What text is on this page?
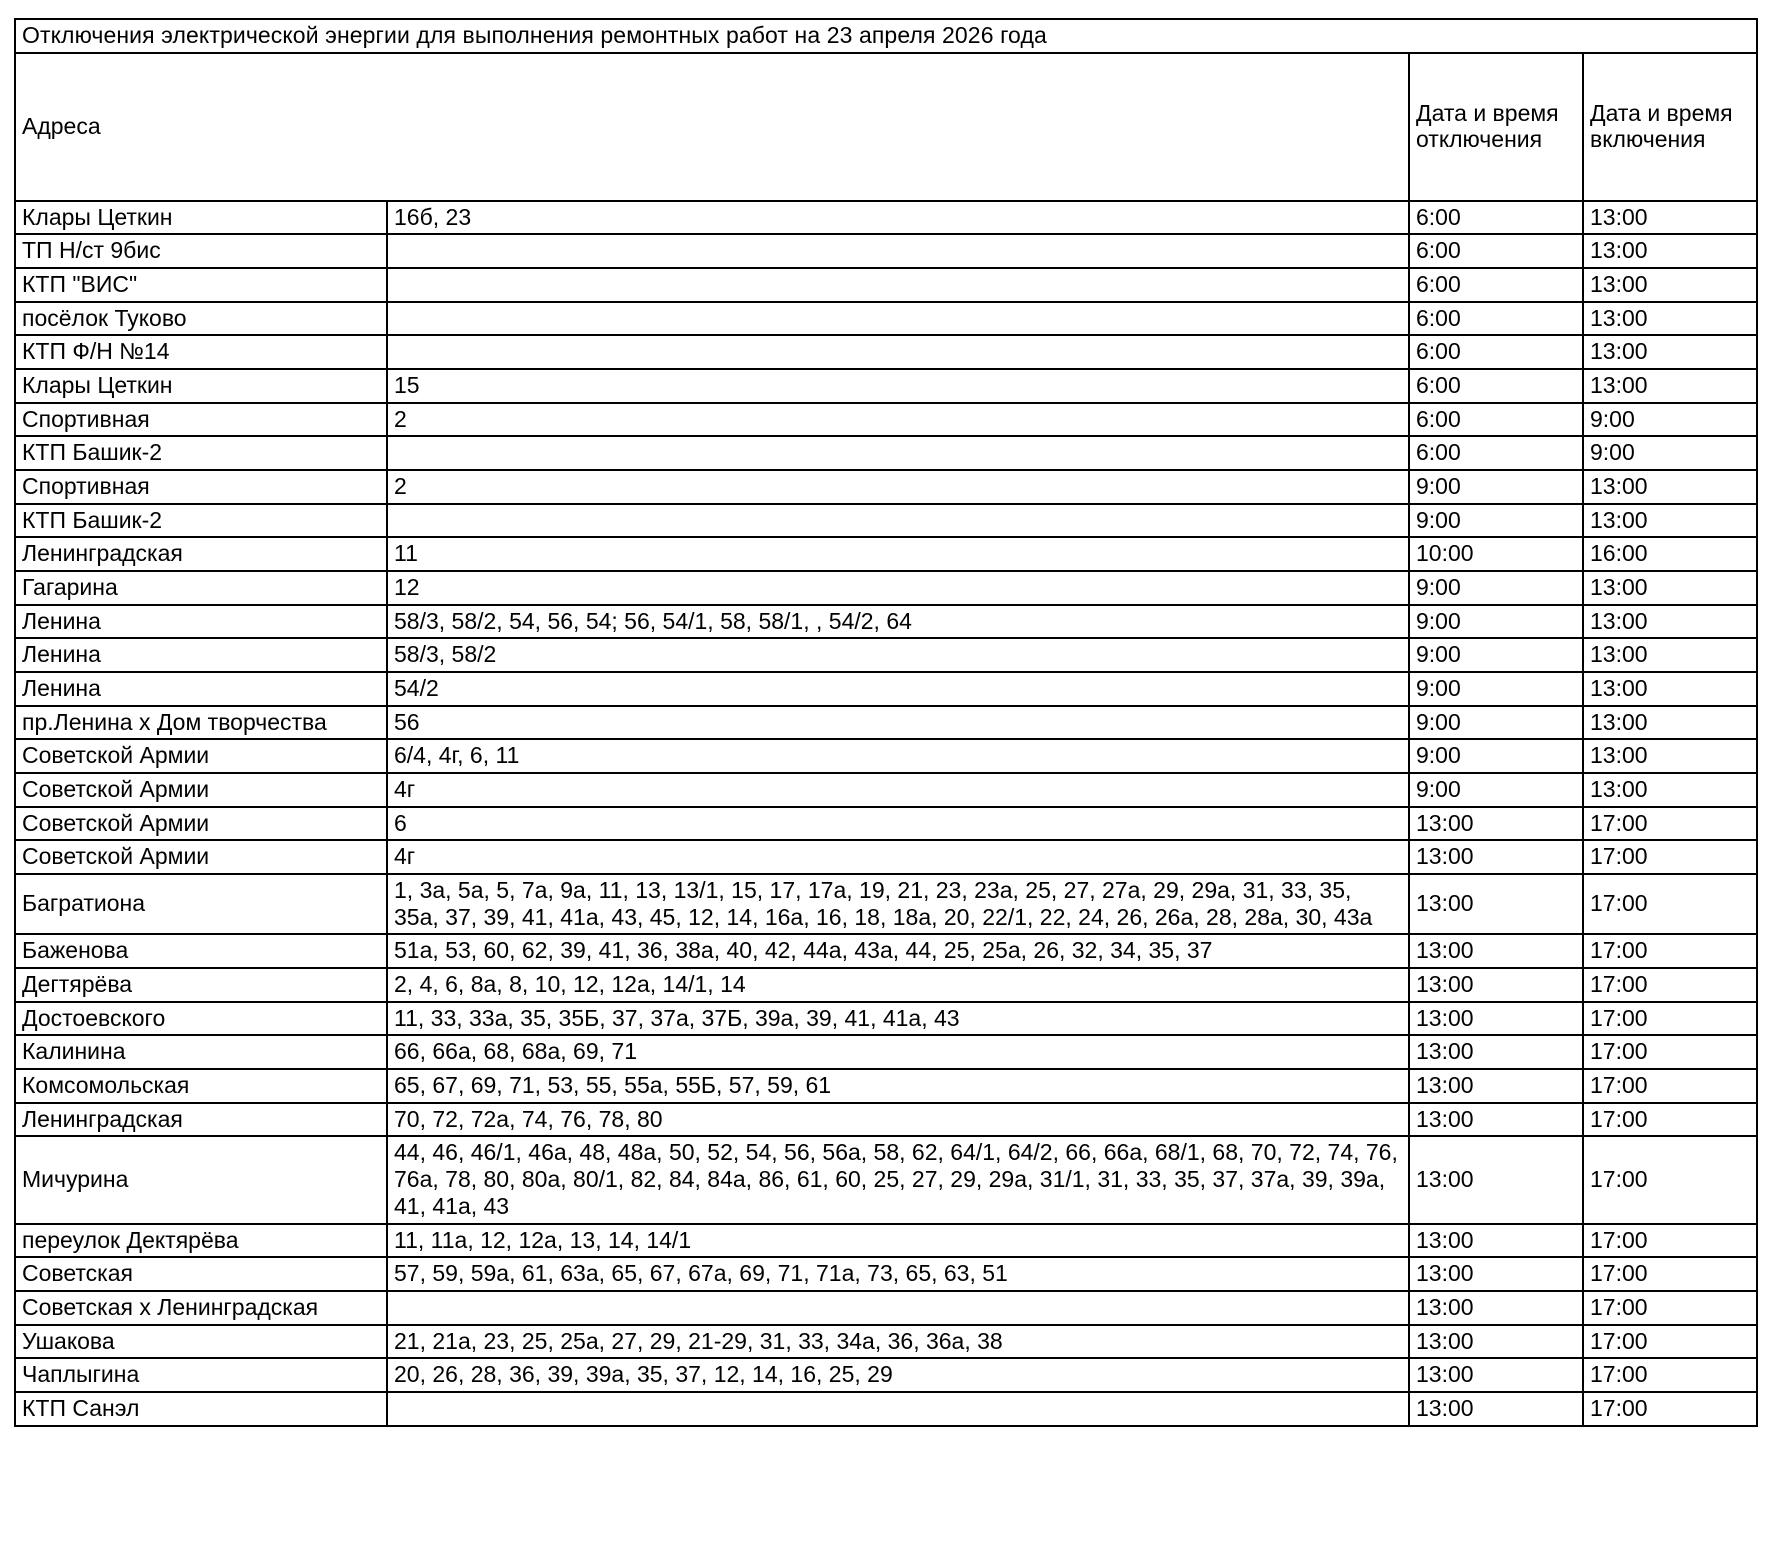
Отключения электрической энергии для выполнения ремонтных работ на 23 апреля 2026 года			
Адреса		Дата и время отключения	Дата и время включения
Клары Цеткин	16б, 23	6:00	13:00
ТП Н/ст 9бис		6:00	13:00
КТП "ВИС"		6:00	13:00
посёлок Туково		6:00	13:00
КТП Ф/Н №14		6:00	13:00
Клары Цеткин	15	6:00	13:00
Спортивная	2	6:00	9:00
КТП Башик-2		6:00	9:00
Спортивная	2	9:00	13:00
КТП Башик-2		9:00	13:00
Ленинградская	11	10:00	16:00
Гагарина	12	9:00	13:00
Ленина	58/3, 58/2, 54, 56, 54; 56, 54/1, 58, 58/1, , 54/2, 64	9:00	13:00
Ленина	58/3, 58/2	9:00	13:00
Ленина	54/2	9:00	13:00
пр.Ленина х Дом творчества	56	9:00	13:00
Советской Армии	6/4, 4г, 6, 11	9:00	13:00
Советской Армии	4г	9:00	13:00
Советской Армии	6	13:00	17:00
Советской Армии	4г	13:00	17:00
Багратиона	1, 3а, 5а, 5, 7а, 9а, 11, 13, 13/1, 15, 17, 17а, 19, 21, 23, 23а, 25, 27, 27а, 29, 29а, 31, 33, 35, 35а, 37, 39, 41, 41а, 43, 45, 12, 14, 16а, 16, 18, 18а, 20, 22/1, 22, 24, 26, 26а, 28, 28а, 30, 43а	13:00	17:00
Баженова	51а, 53, 60, 62, 39, 41, 36, 38а, 40, 42, 44а, 43а, 44, 25, 25а, 26, 32, 34, 35, 37	13:00	17:00
Дегтярёва	2, 4, 6, 8а, 8, 10, 12, 12а, 14/1, 14	13:00	17:00
Достоевского	11, 33, 33а, 35, 35Б, 37, 37а, 37Б, 39а, 39, 41, 41а, 43	13:00	17:00
Калинина	66, 66а, 68, 68а, 69, 71	13:00	17:00
Комсомольская	65, 67, 69, 71, 53, 55, 55а, 55Б, 57, 59, 61	13:00	17:00
Ленинградская	70, 72, 72а, 74, 76, 78, 80	13:00	17:00
Мичурина	44, 46, 46/1, 46а, 48, 48а, 50, 52, 54, 56, 56а, 58, 62, 64/1, 64/2, 66, 66а, 68/1, 68, 70, 72, 74, 76, 76а, 78, 80, 80а, 80/1, 82, 84, 84а, 86, 61, 60, 25, 27, 29, 29а, 31/1, 31, 33, 35, 37, 37а, 39, 39а, 41, 41а, 43	13:00	17:00
переулок Дектярёва	11, 11а, 12, 12а, 13, 14, 14/1	13:00	17:00
Советская	57, 59, 59а, 61, 63а, 65, 67, 67а, 69, 71, 71а, 73, 65, 63, 51	13:00	17:00
Советская х Ленинградская		13:00	17:00
Ушакова	21, 21а, 23, 25, 25а, 27, 29, 21-29, 31, 33, 34а, 36, 36а, 38	13:00	17:00
Чаплыгина	20, 26, 28, 36, 39, 39а, 35, 37, 12, 14, 16, 25, 29	13:00	17:00
КТП Санэл		13:00	17:00
